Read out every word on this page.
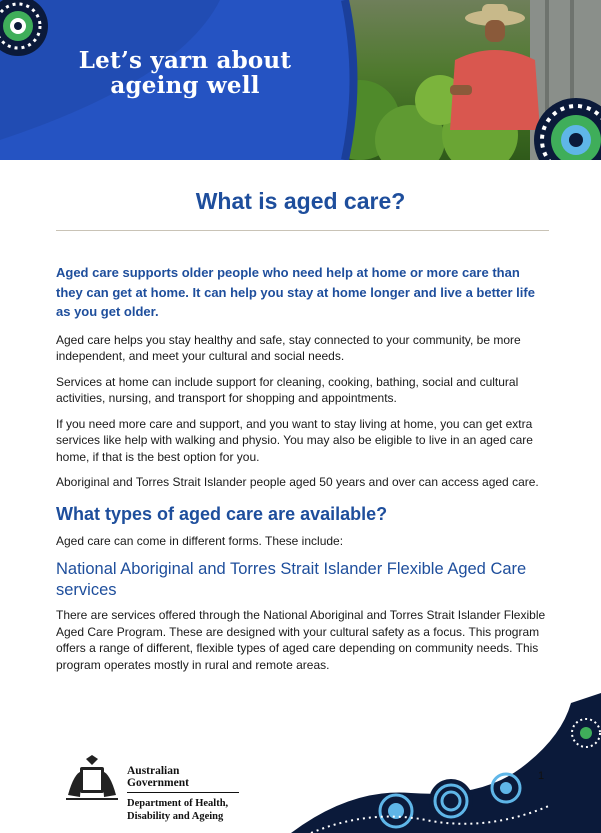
Let’s yarn about
ageing well
What is aged care?

Aged care supports older people who need help at home or more care than they can get at home. It can help you stay at home longer and live a better life as you get older.

Aged care helps you stay healthy and safe, stay connected to your community, be more independent, and meet your cultural and social needs.

Services at home can include support for cleaning, cooking, bathing, social and cultural activities, nursing, and transport for shopping and appointments.

If you need more care and support, and you want to stay living at home, you can get extra services like help with walking and physio. You may also be eligible to live in an aged care home, if that is the best option for you.

Aboriginal and Torres Strait Islander people aged 50 years and over can access aged care.

What types of aged care are available?

Aged care can come in different forms. These include:

National Aboriginal and Torres Strait Islander Flexible Aged Care services

There are services offered through the National Aboriginal and Torres Strait Islander Flexible Aged Care Program. These are designed with your cultural safety as a focus. This program offers a range of different, flexible types of aged care depending on community needs. This program operates mostly in rural and remote areas.

Australian Government
Department of Health,
Disability and Ageing
1
